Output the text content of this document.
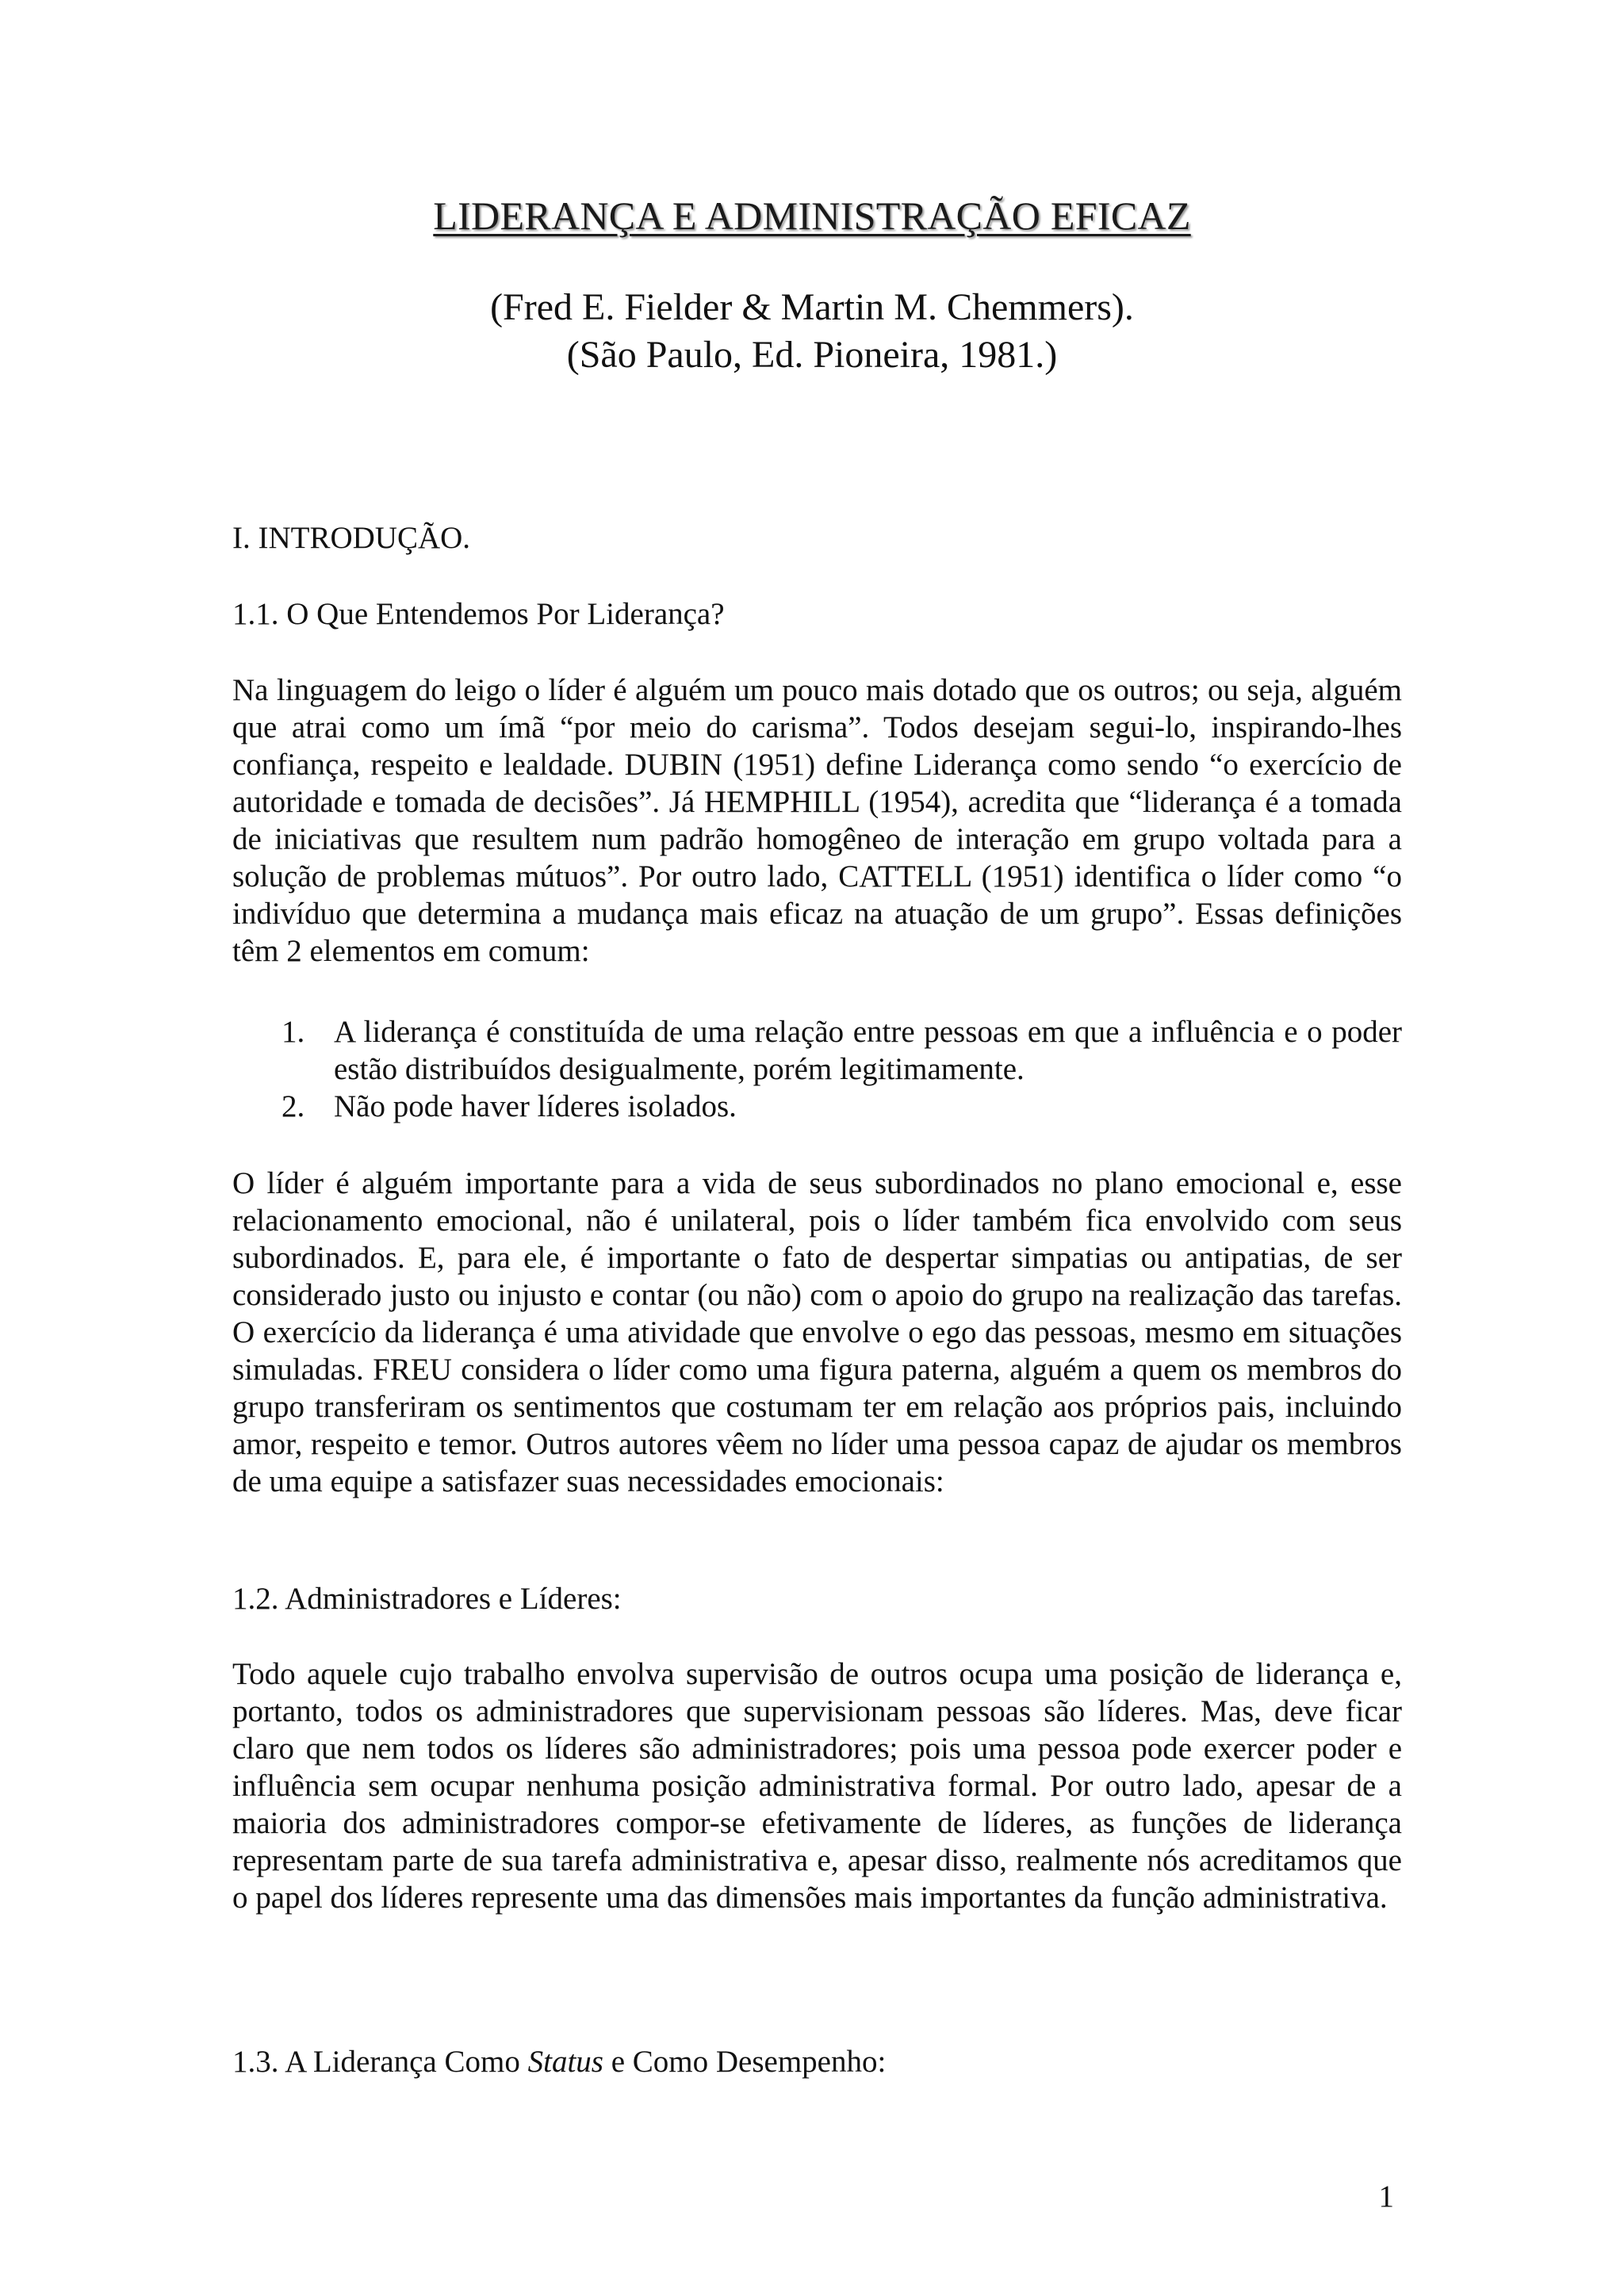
LIDERANÇA E ADMINISTRAÇÃO EFICAZ
(Fred E. Fielder & Martin M. Chemmers).
(São Paulo, Ed. Pioneira, 1981.)
I. INTRODUÇÃO.
1.1. O Que Entendemos Por Liderança?
Na linguagem do leigo o líder é alguém um pouco mais dotado que os outros; ou seja, alguém que atrai como um ímã “por meio do carisma”. Todos desejam segui-lo, inspirando-lhes confiança, respeito e lealdade. DUBIN (1951) define Liderança como sendo “o exercício de autoridade e tomada de decisões”. Já HEMPHILL (1954), acredita que “liderança é a tomada de iniciativas que resultem num padrão homogêneo de interação em grupo voltada para a solução de problemas mútuos”. Por outro lado, CATTELL (1951) identifica o líder como “o indivíduo que determina a mudança mais eficaz na atuação de um grupo”. Essas definições têm 2 elementos em comum:
1. A liderança é constituída de uma relação entre pessoas em que a influência e o poder estão distribuídos desigualmente, porém legitimamente.
2. Não pode haver líderes isolados.
O líder é alguém importante para a vida de seus subordinados no plano emocional e, esse relacionamento emocional, não é unilateral, pois o líder também fica envolvido com seus subordinados. E, para ele, é importante o fato de despertar simpatias ou antipatias, de ser considerado justo ou injusto e contar (ou não) com o apoio do grupo na realização das tarefas. O exercício da liderança é uma atividade que envolve o ego das pessoas, mesmo em situações simuladas. FREU considera o líder como uma figura paterna, alguém a quem os membros do grupo transferiram os sentimentos que costumam ter em relação aos próprios pais, incluindo amor, respeito e temor. Outros autores vêem no líder uma pessoa capaz de ajudar os membros de uma equipe a satisfazer suas necessidades emocionais:
1.2. Administradores e Líderes:
Todo aquele cujo trabalho envolva supervisão de outros ocupa uma posição de liderança e, portanto, todos os administradores que supervisionam pessoas são líderes. Mas, deve ficar claro que nem todos os líderes são administradores; pois uma pessoa pode exercer poder e influência sem ocupar nenhuma posição administrativa formal. Por outro lado, apesar de a maioria dos administradores compor-se efetivamente de líderes, as funções de liderança representam parte de sua tarefa administrativa e, apesar disso, realmente nós acreditamos que o papel dos líderes represente uma das dimensões mais importantes da função administrativa.
1.3. A Liderança Como Status e Como Desempenho:
1
